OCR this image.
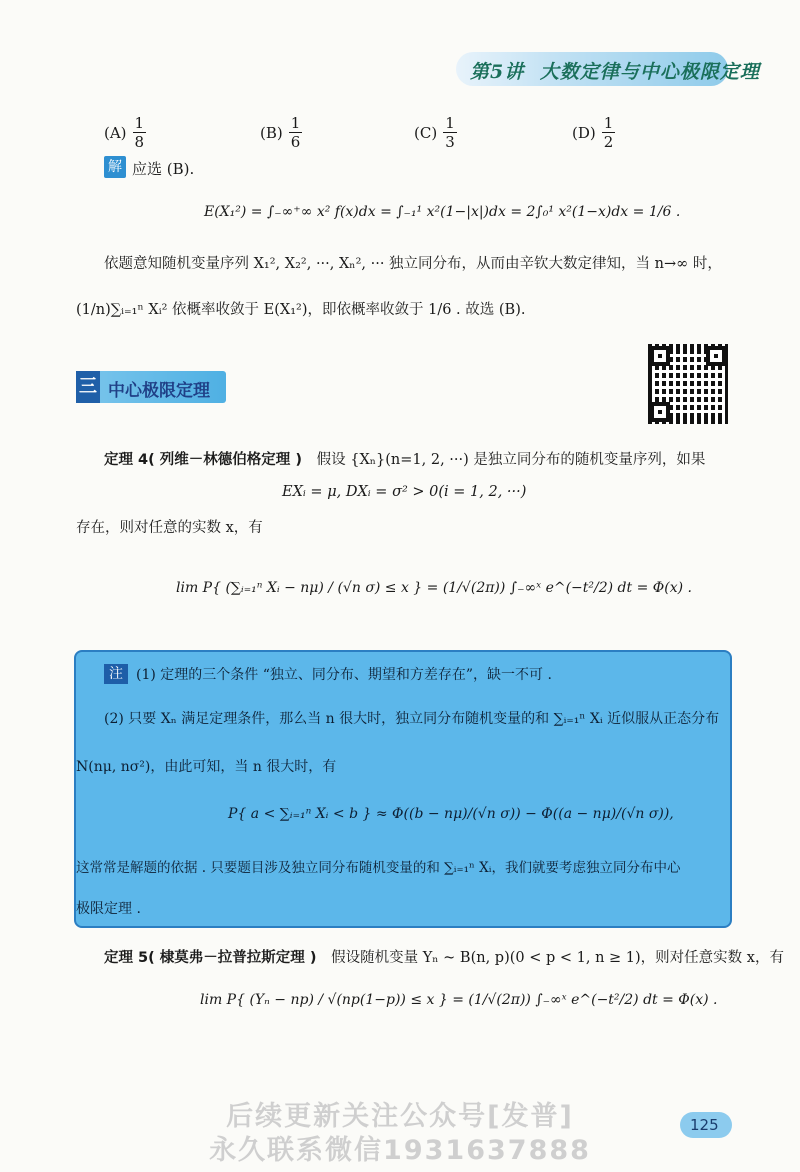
第5讲 大数定律与中心极限定理
$(A) \frac{1}{8}$	$(B) \frac{1}{6}$	$(C) \frac{1}{3}$	$(D) \frac{1}{2}$
解 应选 (B).
E(X₁²) = ∫₋∞⁺∞ x² f(x)dx = ∫₋₁¹ x²(1−|x|)dx = 2∫₀¹ x²(1−x)dx = 1/6 .
依题意知随机变量序列 X₁², X₂², ···, Xₙ², ··· 独立同分布，从而由辛钦大数定律知，当 n→∞ 时，
(1/n)∑ᵢ₌₁ⁿ Xᵢ² 依概率收敛于 E(X₁²)，即依概率收敛于 1/6 . 故选 (B).
三 中心极限定理
定理 4( 列维－林德伯格定理 ) 假设 {Xₙ}(n=1, 2, ···) 是独立同分布的随机变量序列，如果
EXᵢ = μ, DXᵢ = σ² > 0(i = 1, 2, ···)
存在，则对任意的实数 x，有
lim P{ (∑ᵢ₌₁ⁿ Xᵢ − nμ) / (√n σ) ≤ x } = (1/√(2π)) ∫₋∞ˣ e^(−t²/2) dt = Φ(x) .
注 (1) 定理的三个条件 “独立、同分布、期望和方差存在”，缺一不可 .
(2) 只要 Xₙ 满足定理条件，那么当 n 很大时，独立同分布随机变量的和 ∑ᵢ₌₁ⁿ Xᵢ 近似服从正态分布
N(nμ, nσ²)，由此可知，当 n 很大时，有
P{ a < ∑ᵢ₌₁ⁿ Xᵢ < b } ≈ Φ((b − nμ)/(√n σ)) − Φ((a − nμ)/(√n σ)),
这常常是解题的依据 . 只要题目涉及独立同分布随机变量的和 ∑ᵢ₌₁ⁿ Xᵢ，我们就要考虑独立同分布中心
极限定理 .
定理 5( 棣莫弗－拉普拉斯定理 ) 假设随机变量 Yₙ ~ B(n, p)(0 < p < 1, n ≥ 1)，则对任意实数 x，有
lim P{ (Yₙ − np) / √(np(1−p)) ≤ x } = (1/√(2π)) ∫₋∞ˣ e^(−t²/2) dt = Φ(x) .
125
后续更新关注公众号[发普]
永久联系微信1931637888
